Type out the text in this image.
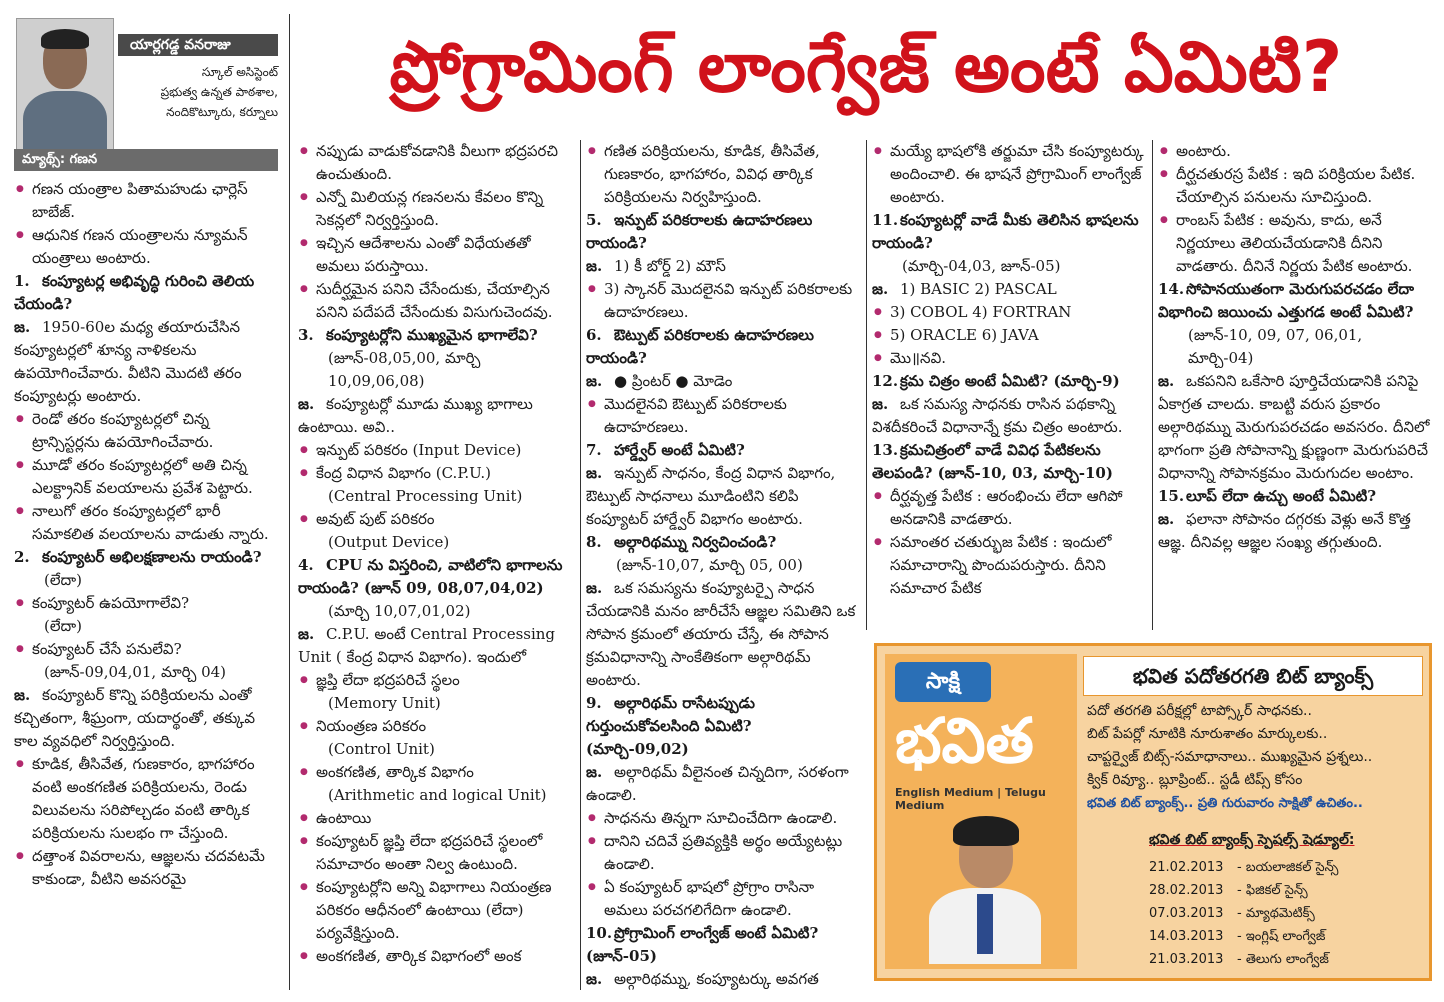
యార్లగడ్డ వనరాజు
స్కూల్ అసిస్టెంట్
ప్రభుత్వ ఉన్నత పాఠశాల,
నందికొట్కూరు, కర్నూలు
ప్రోగ్రామింగ్ లాంగ్వేజ్ అంటే ఏమిటి?
మ్యాథ్స్: గణన

● గణన యంత్రాల పితామహుడు ఛార్లెస్ బాబేజ్.

● ఆధునిక గణన యంత్రాలను న్యూమన్ యంత్రాలు అంటారు.

1. కంప్యూటర్ల అభివృద్ధి గురించి తెలియ చేయండి?

జ. 1950-60ల మధ్య తయారుచేసిన కంప్యూటర్లలో శూన్య నాళికలను ఉపయోగించేవారు. వీటిని మొదటి తరం కంప్యూటర్లు అంటారు.

● రెండో తరం కంప్యూటర్లలో చిన్న ట్రాన్సిస్టర్లను ఉపయోగించేవారు.

● మూడో తరం కంప్యూటర్లలో అతి చిన్న ఎలక్ట్రానిక్ వలయాలను ప్రవేశ పెట్టారు.

● నాలుగో తరం కంప్యూటర్లలో భారీ సమాకలిత వలయాలను వాడుతు న్నారు.

2. కంప్యూటర్ అభిలక్షణాలను రాయండి?

(లేదా)

● కంప్యూటర్ ఉపయోగాలేవి?

(లేదా)

● కంప్యూటర్ చేసే పనులేవి?

(జూన్-09,04,01, మార్చి 04)

జ. కంప్యూటర్ కొన్ని పరిక్రియలను ఎంతో కచ్చితంగా, శీఘ్రంగా, యదార్థంతో, తక్కువ కాల వ్యవధిలో నిర్వర్తిస్తుంది.

● కూడిక, తీసివేత, గుణకారం, భాగహారం వంటి అంకగణిత పరిక్రియలను, రెండు విలువలను సరిపోల్చడం వంటి తార్కిక పరిక్రియలను సులభం గా చేస్తుంది.

● దత్తాంశ వివరాలను, ఆజ్ఞలను చదవటమే కాకుండా, వీటిని అవసరమై

● నప్పుడు వాడుకోవడానికి వీలుగా భద్రపరచి ఉంచుతుంది.

● ఎన్నో మిలియన్ల గణనలను కేవలం కొన్ని సెకన్లలో నిర్వర్తిస్తుంది.

● ఇచ్చిన ఆదేశాలను ఎంతో విధేయతతో అమలు పరుస్తాయి.

● సుదీర్ఘమైన పనిని చేసేందుకు, చేయాల్సిన పనిని పదేపదే చేసేందుకు విసుగుచెందవు.

3. కంప్యూటర్లోని ముఖ్యమైన భాగాలేవి?

(జూన్-08,05,00, మార్చి 10,09,06,08)

జ. కంప్యూటర్లో మూడు ముఖ్య భాగాలు ఉంటాయి. అవి..

● ఇన్పుట్ పరికరం (Input Device)

● కేంద్ర విధాన విభాగం (C.P.U.)

(Central Processing Unit)

● అవుట్ పుట్ పరికరం

(Output Device)

4. CPU ను విస్తరించి, వాటిలోని భాగాలను రాయండి? (జూన్ 09, 08,07,04,02)

(మార్చి 10,07,01,02)

జ. C.P.U. అంటే Central Processing Unit ( కేంద్ర విధాన విభాగం). ఇందులో

● జ్ఞప్తి లేదా భద్రపరిచే స్థలం

(Memory Unit)

● నియంత్రణ పరికరం

(Control Unit)

● అంకగణిత, తార్కిక విభాగం

(Arithmetic and logical Unit)

● ఉంటాయి

● కంప్యూటర్ జ్ఞప్తి లేదా భద్రపరిచే స్థలంలో సమాచారం అంతా నిల్వ ఉంటుంది.

● కంప్యూటర్లోని అన్ని విభాగాలు నియంత్రణ పరికరం ఆధీనంలో ఉంటాయి (లేదా) పర్యవేక్షిస్తుంది.

● అంకగణిత, తార్కిక విభాగంలో అంక

● గణిత పరిక్రియలను, కూడిక, తీసివేత, గుణకారం, భాగహారం, వివిధ తార్కిక పరిక్రియలను నిర్వహిస్తుంది.

5. ఇన్పుట్ పరికరాలకు ఉదాహరణలు రాయండి?

జ. 1) కీ బోర్డ్ 2) మౌస్

● 3) స్కానర్ మొదలైనవి ఇన్పుట్ పరికరాలకు ఉదాహరణలు.

6. ఔట్పుట్ పరికరాలకు ఉదాహరణలు రాయండి?

జ. ● ప్రింటర్ ● మోడెం

● మొదలైనవి ఔట్పుట్ పరికరాలకు ఉదాహరణలు.

7. హార్డ్వేర్ అంటే ఏమిటి?

జ. ఇన్పుట్ సాధనం, కేంద్ర విధాన విభాగం, ఔట్పుట్ సాధనాలు మూడింటిని కలిపి కంప్యూటర్ హార్డ్వేర్ విభాగం అంటారు.

8. అల్గారిథమ్ను నిర్వచించండి?

(జూన్-10,07, మార్చి 05, 00)

జ. ఒక సమస్యను కంప్యూటర్పై సాధన చేయడానికి మనం జారీచేసే ఆజ్ఞల సమితిని ఒక సోపాన క్రమంలో తయారు చేస్తే, ఈ సోపాన క్రమవిధానాన్ని సాంకేతికంగా అల్గారిథమ్ అంటారు.

9. అల్గారిథమ్ రాసేటప్పుడు గుర్తుంచుకోవలసింది ఏమిటి? (మార్చి-09,02)

జ. అల్గారిథమ్ వీలైనంత చిన్నదిగా, సరళంగా ఉండాలి.

● సాధనను తిన్నగా సూచించేదిగా ఉండాలి.

● దానిని చదివే ప్రతివ్యక్తికి అర్థం అయ్యేటట్లు ఉండాలి.

● ఏ కంప్యూటర్ భాషలో ప్రోగ్రాం రాసినా అమలు పరచగలిగేదిగా ఉండాలి.

10. ప్రోగ్రామింగ్ లాంగ్వేజ్ అంటే ఏమిటి? (జూన్-05)

జ. అల్గారిథమ్ను, కంప్యూటర్కు అవగత

● మయ్యే భాషలోకి తర్జుమా చేసి కంప్యూటర్కు అందించాలి. ఈ భాషనే ప్రోగ్రామింగ్ లాంగ్వేజ్ అంటారు.

11. కంప్యూటర్లో వాడే మీకు తెలిసిన భాషలను రాయండి?

(మార్చి-04,03, జూన్-05)

జ. 1) BASIC 2) PASCAL

● 3) COBOL 4) FORTRAN

● 5) ORACLE 6) JAVA

● మొ॥నవి.

12. క్రమ చిత్రం అంటే ఏమిటి? (మార్చి-9)

జ. ఒక సమస్య సాధనకు రాసిన పథకాన్ని విశదీకరించే విధానాన్నే క్రమ చిత్రం అంటారు.

13. క్రమచిత్రంలో వాడే వివిధ పేటికలను తెలపండి? (జూన్-10, 03, మార్చి-10)

● దీర్ఘవృత్త పేటిక : ఆరంభించు లేదా ఆగిపో అనడానికి వాడతారు.

● సమాంతర చతుర్భుజ పేటిక : ఇందులో సమాచారాన్ని పొందుపరుస్తారు. దీనిని సమాచార పేటిక

● అంటారు.

● దీర్ఘచతురస్ర పేటిక : ఇది పరిక్రియల పేటిక. చేయాల్సిన పనులను సూచిస్తుంది.

● రాంబస్ పేటిక : అవును, కాదు, అనే నిర్ణయాలు తెలియచేయడానికి దీనిని వాడతారు. దీనినే నిర్ణయ పేటిక అంటారు.

14. సోపానయుతంగా మెరుగుపరచడం లేదా విభాగించి జయించు ఎత్తుగడ అంటే ఏమిటి?

(జూన్-10, 09, 07, 06,01, మార్చి-04)

జ. ఒకపనిని ఒకేసారి పూర్తిచేయడానికి పనిపై ఏకాగ్రత చాలదు. కాబట్టి వరుస ప్రకారం అల్గారిథమ్ను మెరుగుపరచడం అవసరం. దీనిలో భాగంగా ప్రతి సోపానాన్ని క్షుణ్ణంగా మెరుగుపరిచే విధానాన్ని సోపానక్రమం మెరుగుదల అంటాం.

15. లూప్ లేదా ఉచ్చు అంటే ఏమిటి?

జ. ఫలానా సోపానం దగ్గరకు వెళ్లు అనే కొత్త ఆజ్ఞ. దీనివల్ల ఆజ్ఞల సంఖ్య తగ్గుతుంది.

సాక్షి
భవిత
English Medium | Telugu Medium
భవిత పదోతరగతి బిట్ బ్యాంక్స్
పదో తరగతి పరీక్షల్లో టాప్స్కోర్ సాధనకు..
బిట్ పేపర్లో నూటికి నూరుశాతం మార్కులకు..
చాప్టర్వైజ్ బిట్స్-సమాధానాలు.. ముఖ్యమైన ప్రశ్నలు..
క్విక్ రివ్యూ.. బ్లూప్రింట్.. స్టడీ టిప్స్ కోసం
భవిత బిట్ బ్యాంక్స్.. ప్రతి గురువారం సాక్షితో ఉచితం..
భవిత బిట్ బ్యాంక్స్ స్పెషల్స్ షెడ్యూల్:
21.02.2013 - బయలాజికల్ సైన్స్
28.02.2013 - ఫిజికల్ సైన్స్
07.03.2013 - మ్యాథమెటిక్స్
14.03.2013 - ఇంగ్లిష్ లాంగ్వేజ్
21.03.2013 - తెలుగు లాంగ్వేజ్
